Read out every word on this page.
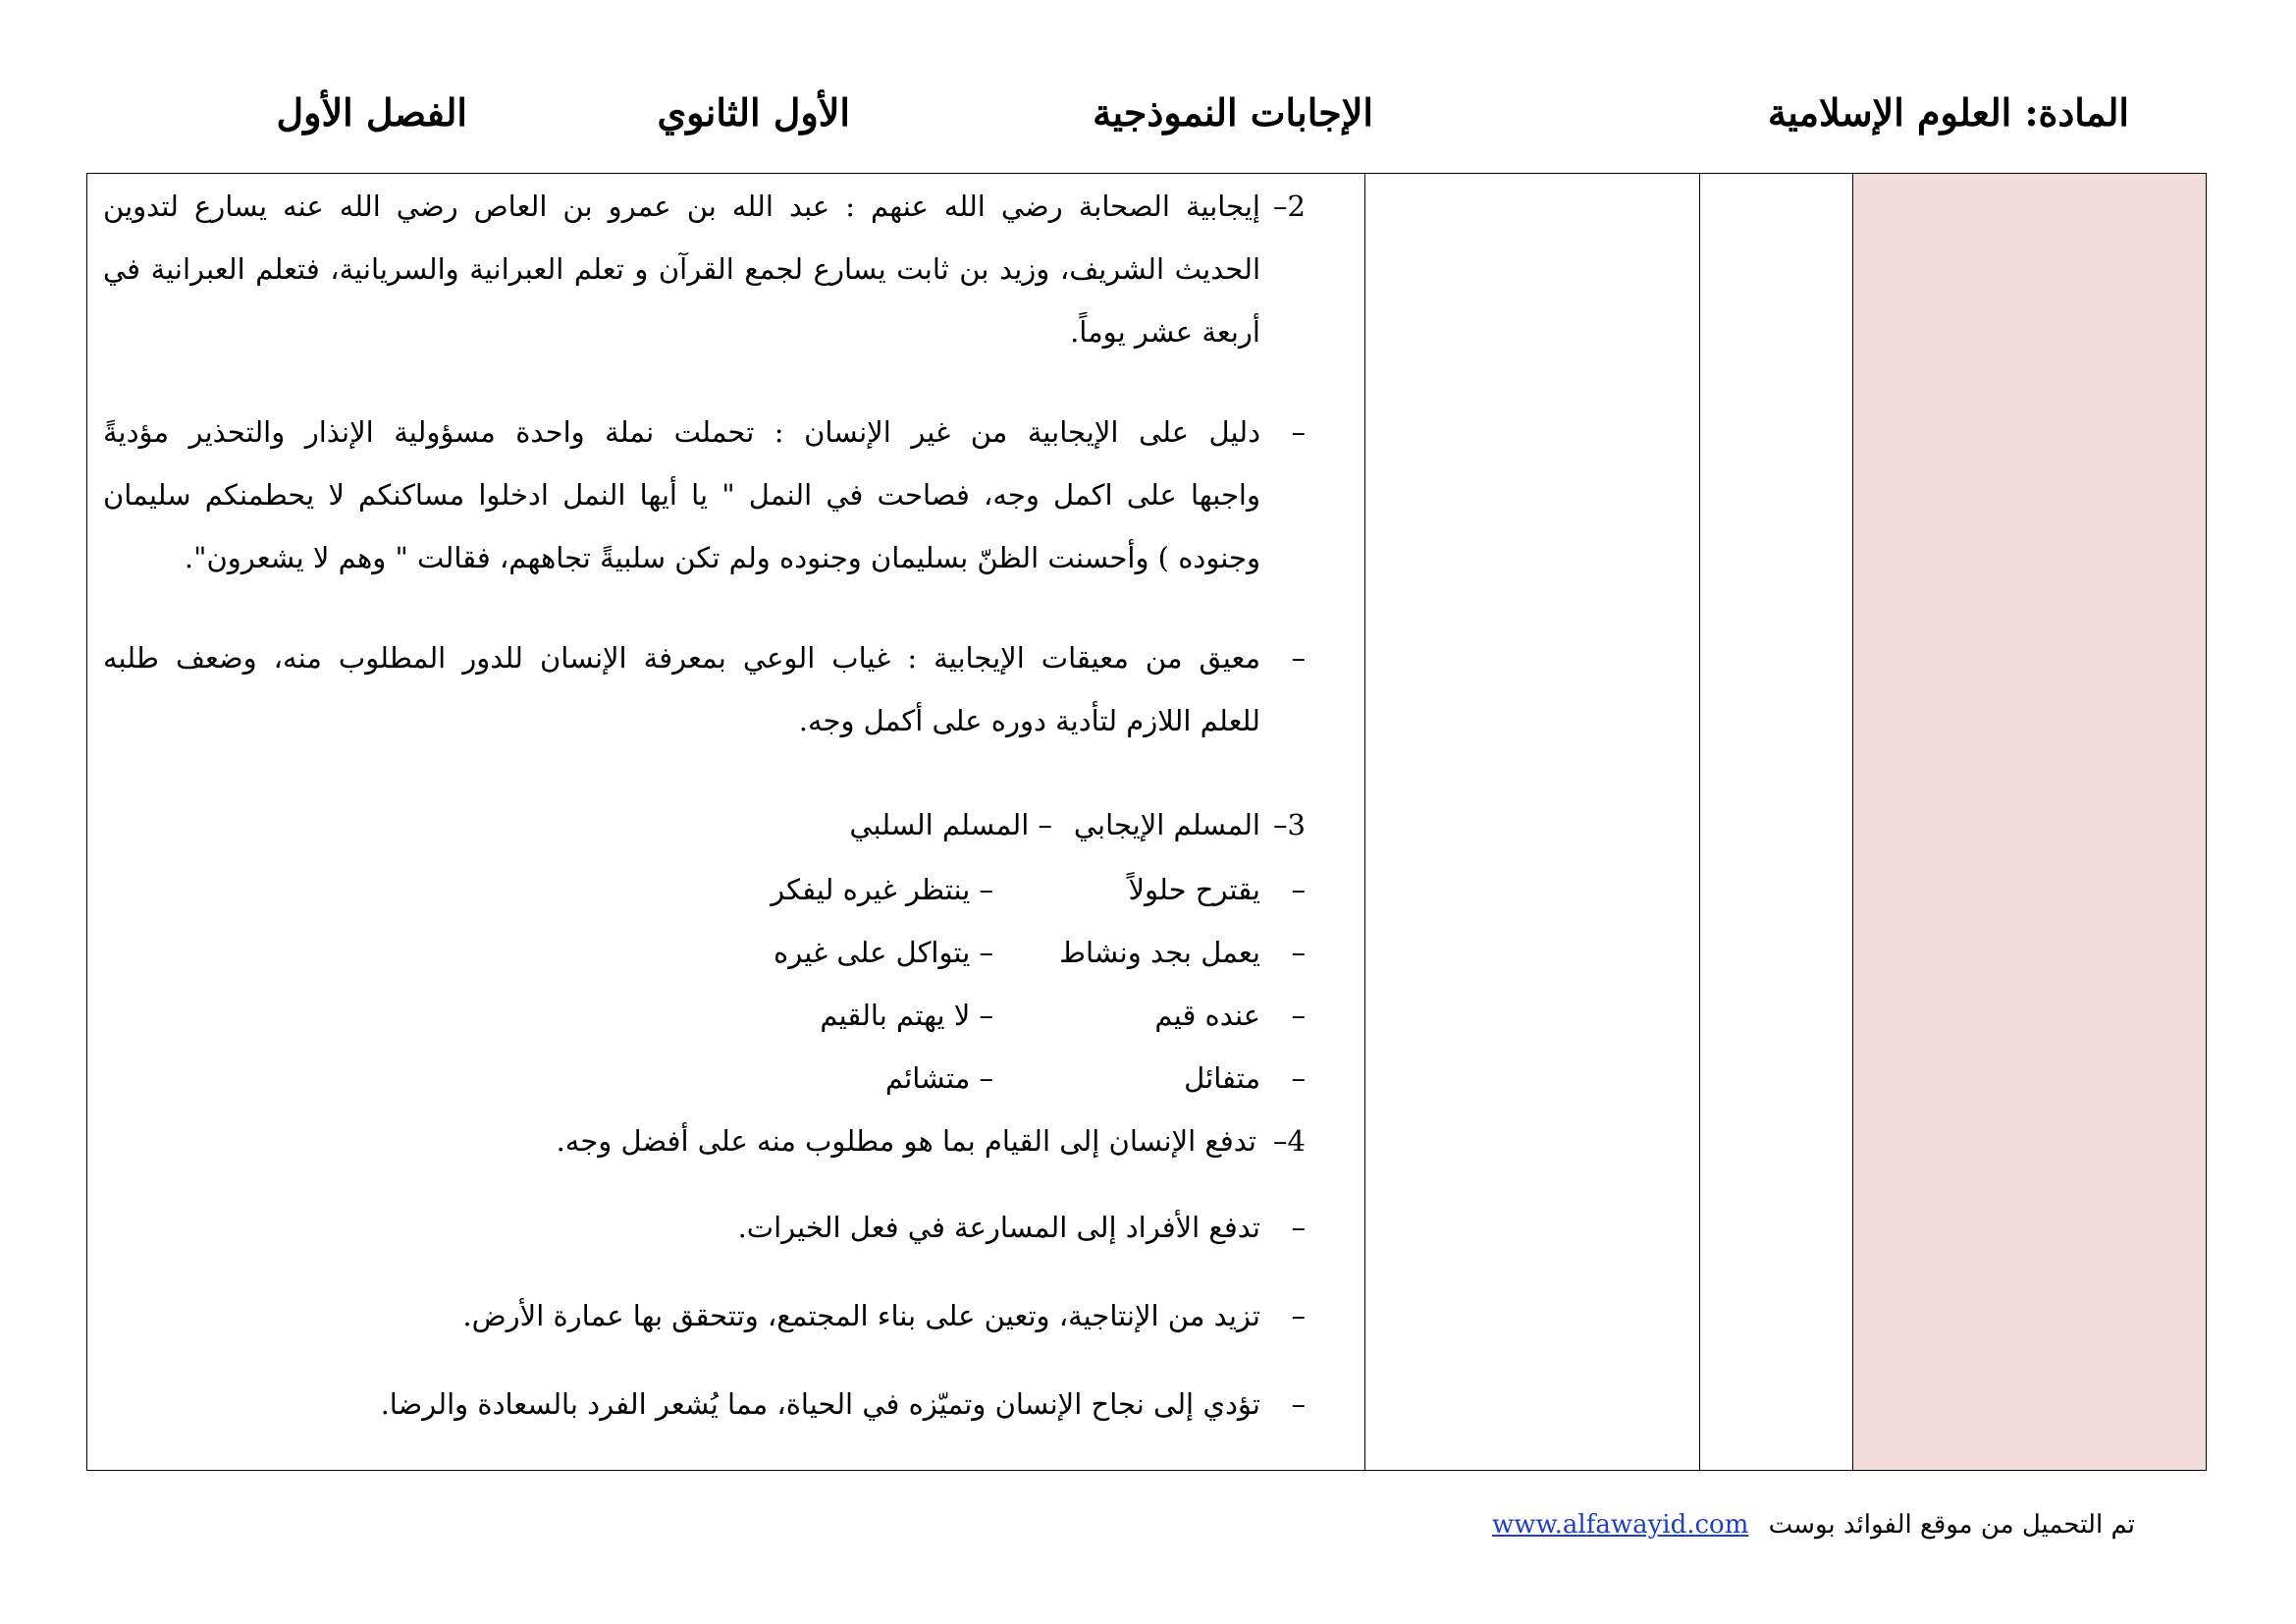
المادة: العلوم الإسلامية
الإجابات النموذجية
الأول الثانوي
الفصل الأول
2–
إيجابية الصحابة رضي الله عنهم : عبد الله بن عمرو بن العاص رضي الله عنه يسارع لتدوين
الحديث الشريف، وزيد بن ثابت يسارع لجمع القرآن و تعلم العبرانية والسريانية، فتعلم العبرانية في
أربعة عشر يوماً.
–
دليل على الإيجابية من غير الإنسان : تحملت نملة واحدة مسؤولية الإنذار والتحذير مؤديةً
واجبها على اكمل وجه، فصاحت في النمل " يا أيها النمل ادخلوا مساكنكم لا يحطمنكم سليمان
وجنوده ) وأحسنت الظنّ بسليمان وجنوده ولم تكن سلبيةً تجاههم، فقالت " وهم لا يشعرون".
–
معيق من معيقات الإيجابية : غياب الوعي بمعرفة الإنسان للدور المطلوب منه، وضعف طلبه
للعلم اللازم لتأدية دوره على أكمل وجه.
3–
المسلم الإيجابي
– المسلم السلبي
–
يقترح حلولاً
– ينتظر غيره ليفكر
–
يعمل بجد ونشاط
– يتواكل على غيره
–
عنده قيم
– لا يهتم بالقيم
–
متفائل
– متشائم
4–
تدفع الإنسان إلى القيام بما هو مطلوب منه على أفضل وجه.
–
تدفع الأفراد إلى المسارعة في فعل الخيرات.
–
تزيد من الإنتاجية، وتعين على بناء المجتمع، وتتحقق بها عمارة الأرض.
–
تؤدي إلى نجاح الإنسان وتميّزه في الحياة، مما يُشعر الفرد بالسعادة والرضا.
تم التحميل من موقع الفوائد بوست www.alfawayid.com
